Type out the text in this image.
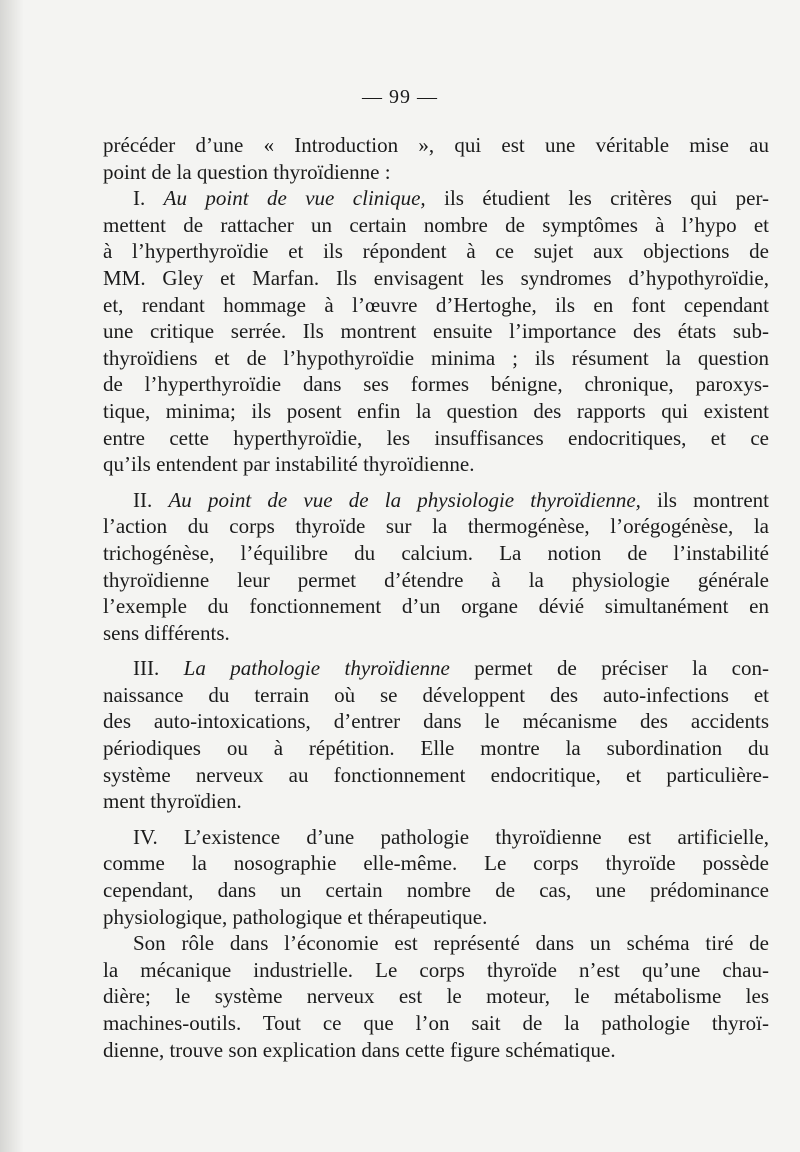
— 99 —
précéder d’une « Introduction », qui est une véritable mise au
point de la question thyroïdienne :
I. Au point de vue clinique, ils étudient les critères qui per-
mettent de rattacher un certain nombre de symptômes à l’hypo et
à l’hyperthyroïdie et ils répondent à ce sujet aux objections de
MM. Gley et Marfan. Ils envisagent les syndromes d’hypothyroïdie,
et, rendant hommage à l’œuvre d’Hertoghe, ils en font cependant
une critique serrée. Ils montrent ensuite l’importance des états sub-
thyroïdiens et de l’hypothyroïdie minima ; ils résument la question
de l’hyperthyroïdie dans ses formes bénigne, chronique, paroxys-
tique, minima; ils posent enfin la question des rapports qui existent
entre cette hyperthyroïdie, les insuffisances endocritiques, et ce
qu’ils entendent par instabilité thyroïdienne.
II. Au point de vue de la physiologie thyroïdienne, ils montrent
l’action du corps thyroïde sur la thermogénèse, l’orégogénèse, la
trichogénèse, l’équilibre du calcium. La notion de l’instabilité
thyroïdienne leur permet d’étendre à la physiologie générale
l’exemple du fonctionnement d’un organe dévié simultanément en
sens différents.
III. La pathologie thyroïdienne permet de préciser la con-
naissance du terrain où se développent des auto-infections et
des auto-intoxications, d’entrer dans le mécanisme des accidents
périodiques ou à répétition. Elle montre la subordination du
système nerveux au fonctionnement endocritique, et particulière-
ment thyroïdien.
IV. L’existence d’une pathologie thyroïdienne est artificielle,
comme la nosographie elle-même. Le corps thyroïde possède
cependant, dans un certain nombre de cas, une prédominance
physiologique, pathologique et thérapeutique.
Son rôle dans l’économie est représenté dans un schéma tiré de
la mécanique industrielle. Le corps thyroïde n’est qu’une chau-
dière; le système nerveux est le moteur, le métabolisme les
machines-outils. Tout ce que l’on sait de la pathologie thyroï-
dienne, trouve son explication dans cette figure schématique.
